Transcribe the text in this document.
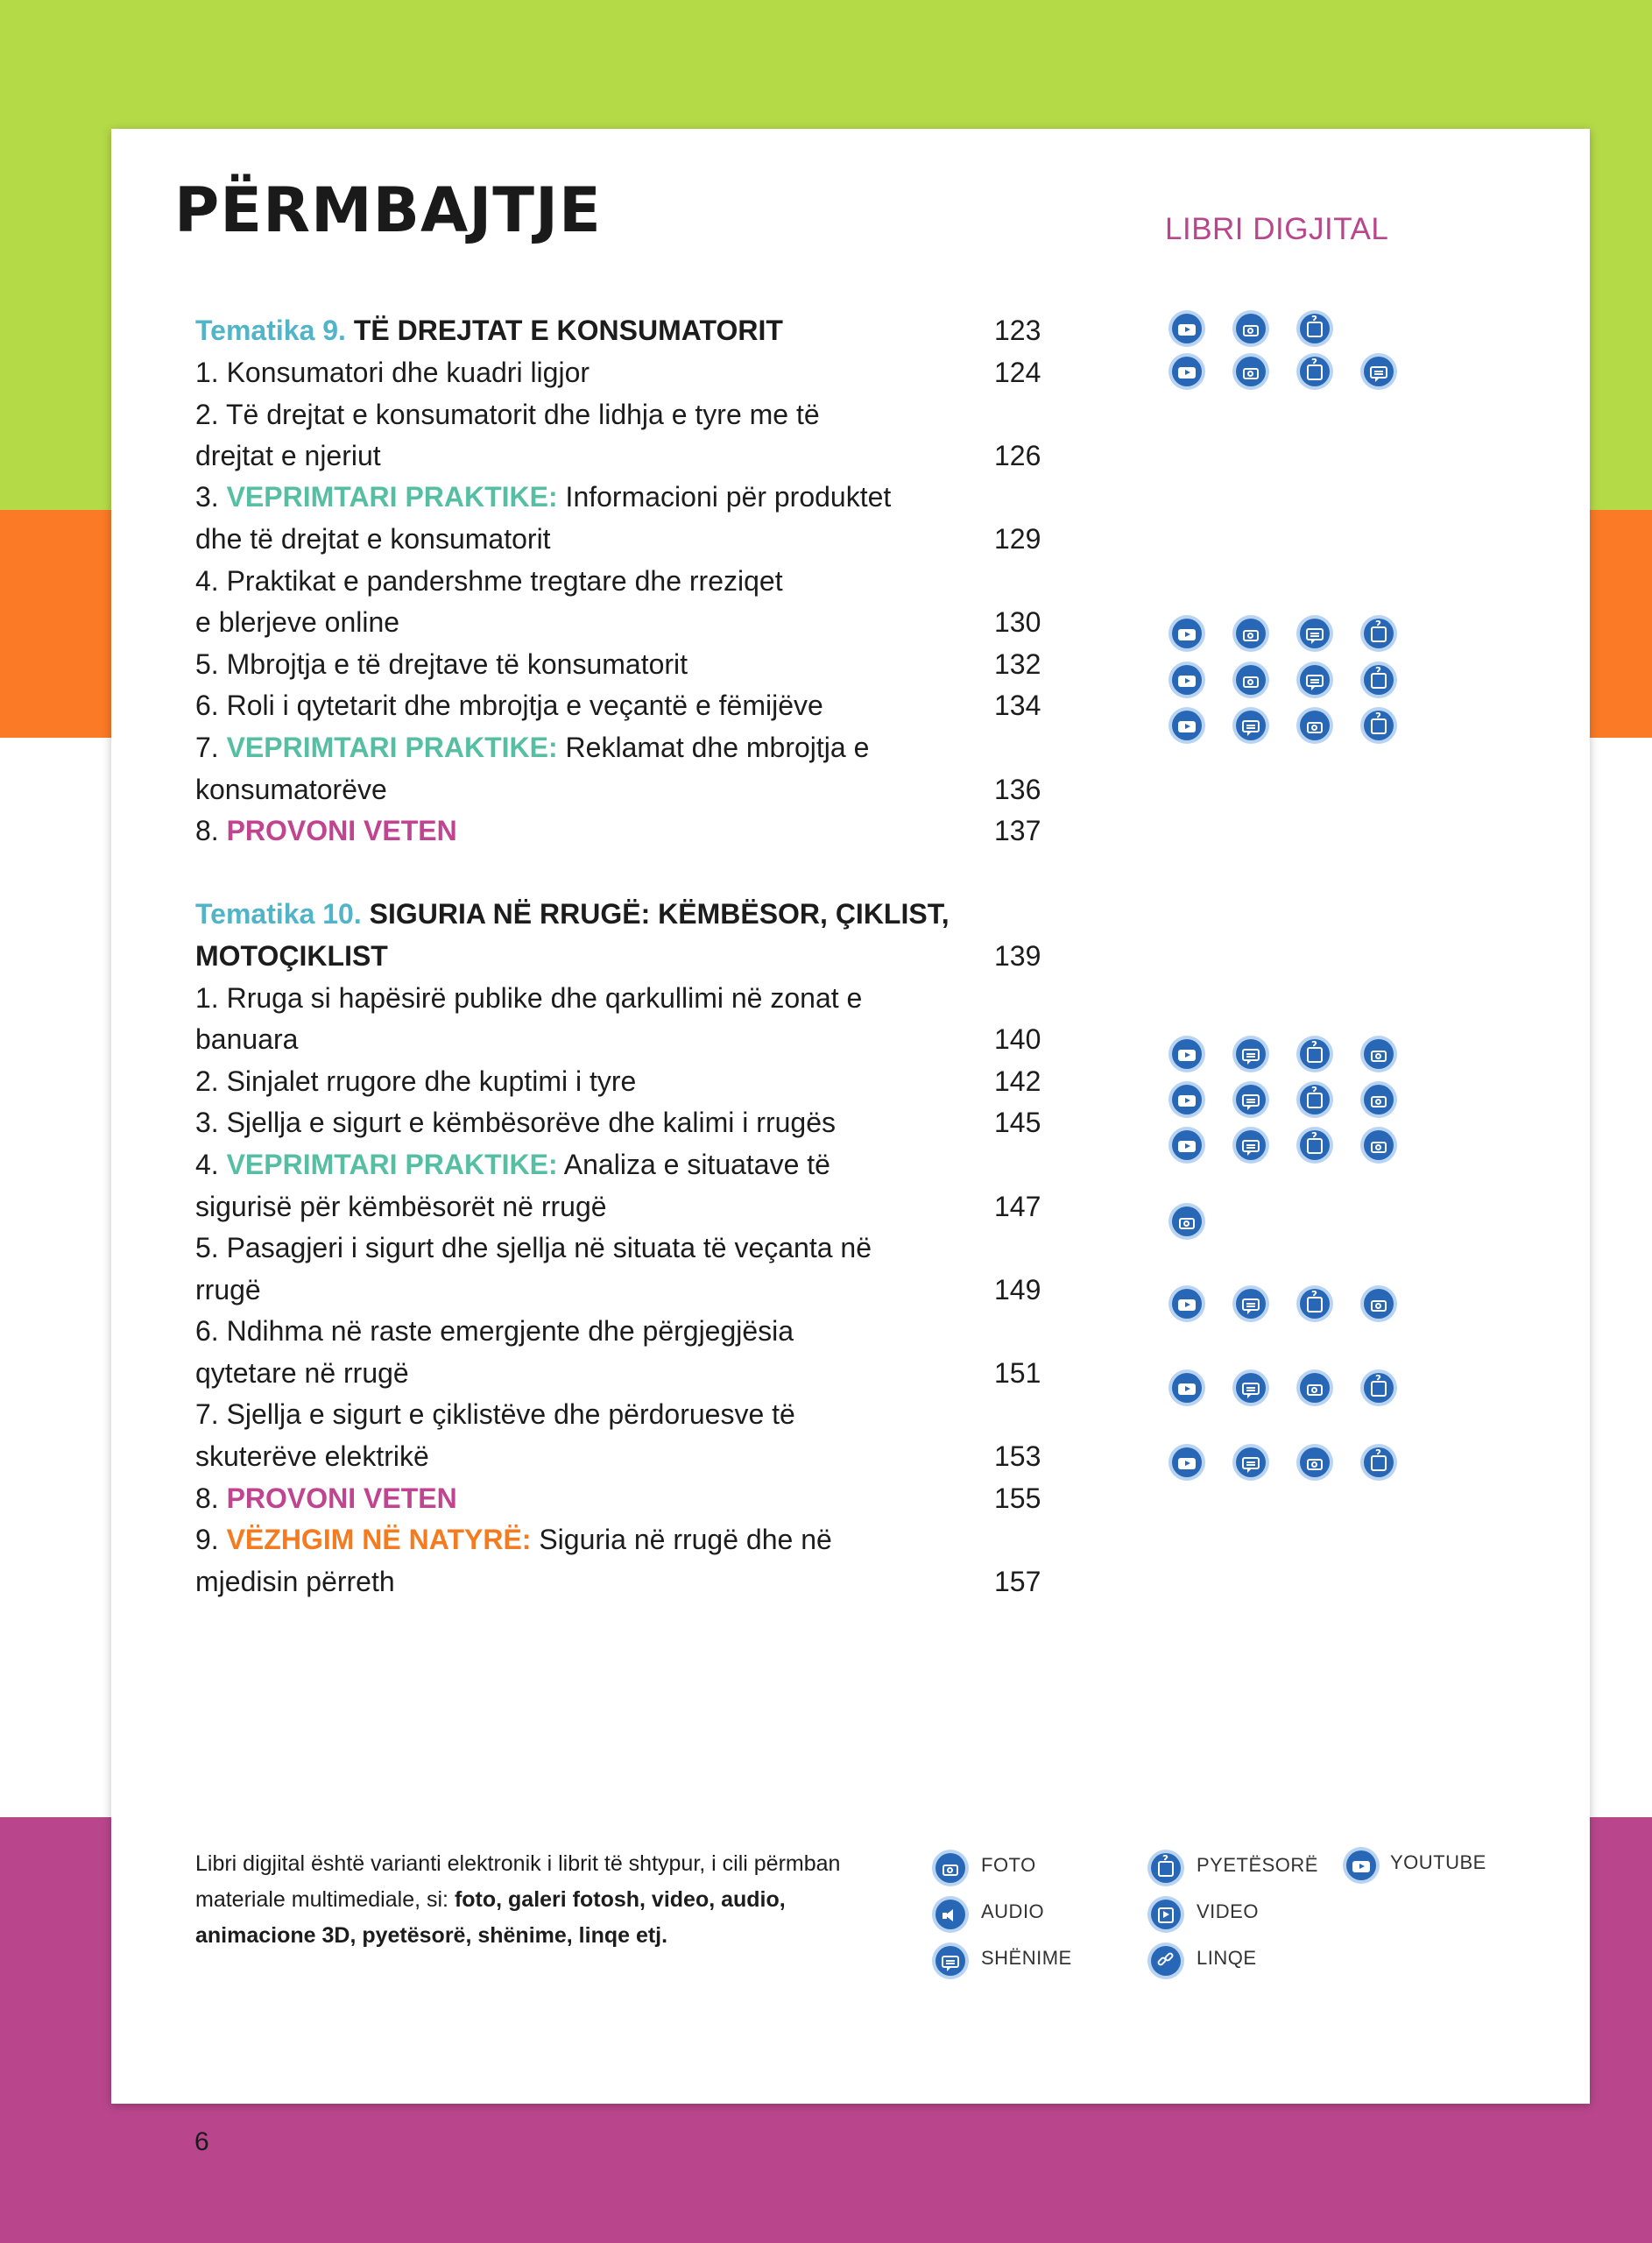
PËRMBAJTJE	LIBRI DIGJITAL
Tematika 9. TË DREJTAT E KONSUMATORIT	123
1. Konsumatori dhe kuadri ligjor	124
2. Të drejtat e konsumatorit dhe lidhja e tyre me të
drejtat e njeriut	126
3. VEPRIMTARI PRAKTIKE: Informacioni për produktet
dhe të drejtat e konsumatorit	129
4. Praktikat e pandershme tregtare dhe rreziqet
e blerjeve online	130
5. Mbrojtja e të drejtave të konsumatorit	132
6. Roli i qytetarit dhe mbrojtja e veçantë e fëmijëve	134
7. VEPRIMTARI PRAKTIKE: Reklamat dhe mbrojtja e
konsumatorëve	136
8. PROVONI VETEN	137
Tematika 10. SIGURIA NË RRUGË: KËMBËSOR, ÇIKLIST,
MOTOÇIKLIST	139
1. Rruga si hapësirë publike dhe qarkullimi në zonat e
banuara	140
2. Sinjalet rrugore dhe kuptimi i tyre	142
3. Sjellja e sigurt e këmbësorëve dhe kalimi i rrugës	145
4. VEPRIMTARI PRAKTIKE: Analiza e situatave të
sigurisë për këmbësorët në rrugë	147
5. Pasagjeri i sigurt dhe sjellja në situata të veçanta në
rrugë	149
6. Ndihma në raste emergjente dhe përgjegjësia
qytetare në rrugë	151
7. Sjellja e sigurt e çiklistëve dhe përdoruesve të
skuterëve elektrikë	153
8. PROVONI VETEN	155
9. VËZHGIM NË NATYRË: Siguria në rrugë dhe në
mjedisin përreth	157
?
?
?
?
?
?
?
?
?
?
?
Libri digjital është varianti elektronik i librit të shtypur, i cili përmban materiale multimediale, si: foto, galeri fotosh, video, audio, animacione 3D, pyetësorë, shënime, linqe etj.
FOTO
AUDIO
SHËNIME
?
PYETËSORË
VIDEO
LINQE
YOUTUBE
6
